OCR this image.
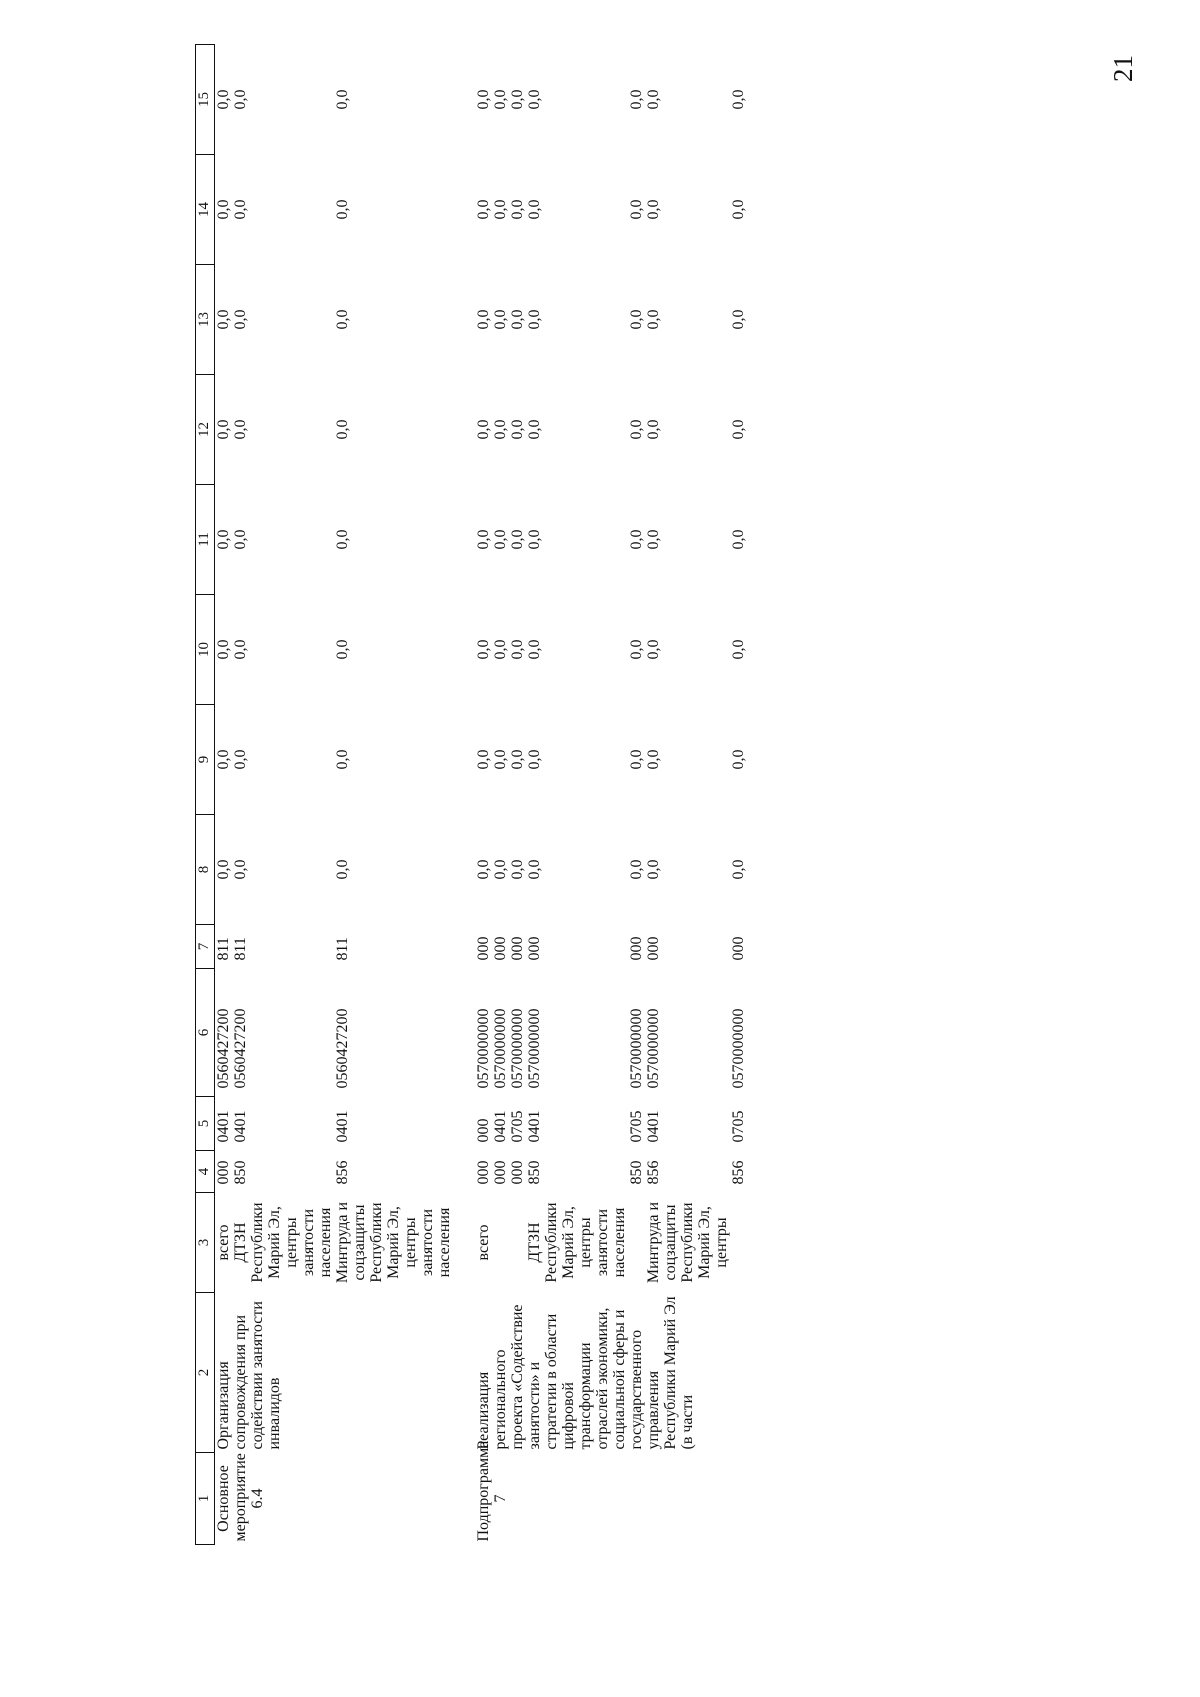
21
1	2	3	4	5	6	7	8	9	10	11	12	13	14	15
Основное мероприятие 6.4	Организация сопровождения при содействии занятости инвалидов	всего	000	0401	0560427200	811	0,0	0,0	0,0	0,0	0,0	0,0	0,0	0,0
		ДТЗН Республики Марий Эл, центры занятости населения	850	0401	0560427200	811	0,0	0,0	0,0	0,0	0,0	0,0	0,0	0,0
		Минтруда и соцзащиты Республики Марий Эл, центры занятости населения	856	0401	0560427200	811	0,0	0,0	0,0	0,0	0,0	0,0	0,0	0,0
Подпрограмма 7	Реализация регионального проекта «Содействие занятости» и стратегии в области цифровой трансформации отраслей экономики, социальной сферы и государственного управления Республики Марий Эл (в части	всего	000	000	0570000000	000	0,0	0,0	0,0	0,0	0,0	0,0	0,0	0,0
			000	0401	0570000000	000	0,0	0,0	0,0	0,0	0,0	0,0	0,0	0,0
			000	0705	0570000000	000	0,0	0,0	0,0	0,0	0,0	0,0	0,0	0,0
		ДТЗН Республики Марий Эл, центры занятости населения	850	0401	0570000000	000	0,0	0,0	0,0	0,0	0,0	0,0	0,0	0,0
			850	0705	0570000000	000	0,0	0,0	0,0	0,0	0,0	0,0	0,0	0,0
		Минтруда и соцзащиты Республики Марий Эл, центры	856	0401	0570000000	000	0,0	0,0	0,0	0,0	0,0	0,0	0,0	0,0
			856	0705	0570000000	000	0,0	0,0	0,0	0,0	0,0	0,0	0,0	0,0
